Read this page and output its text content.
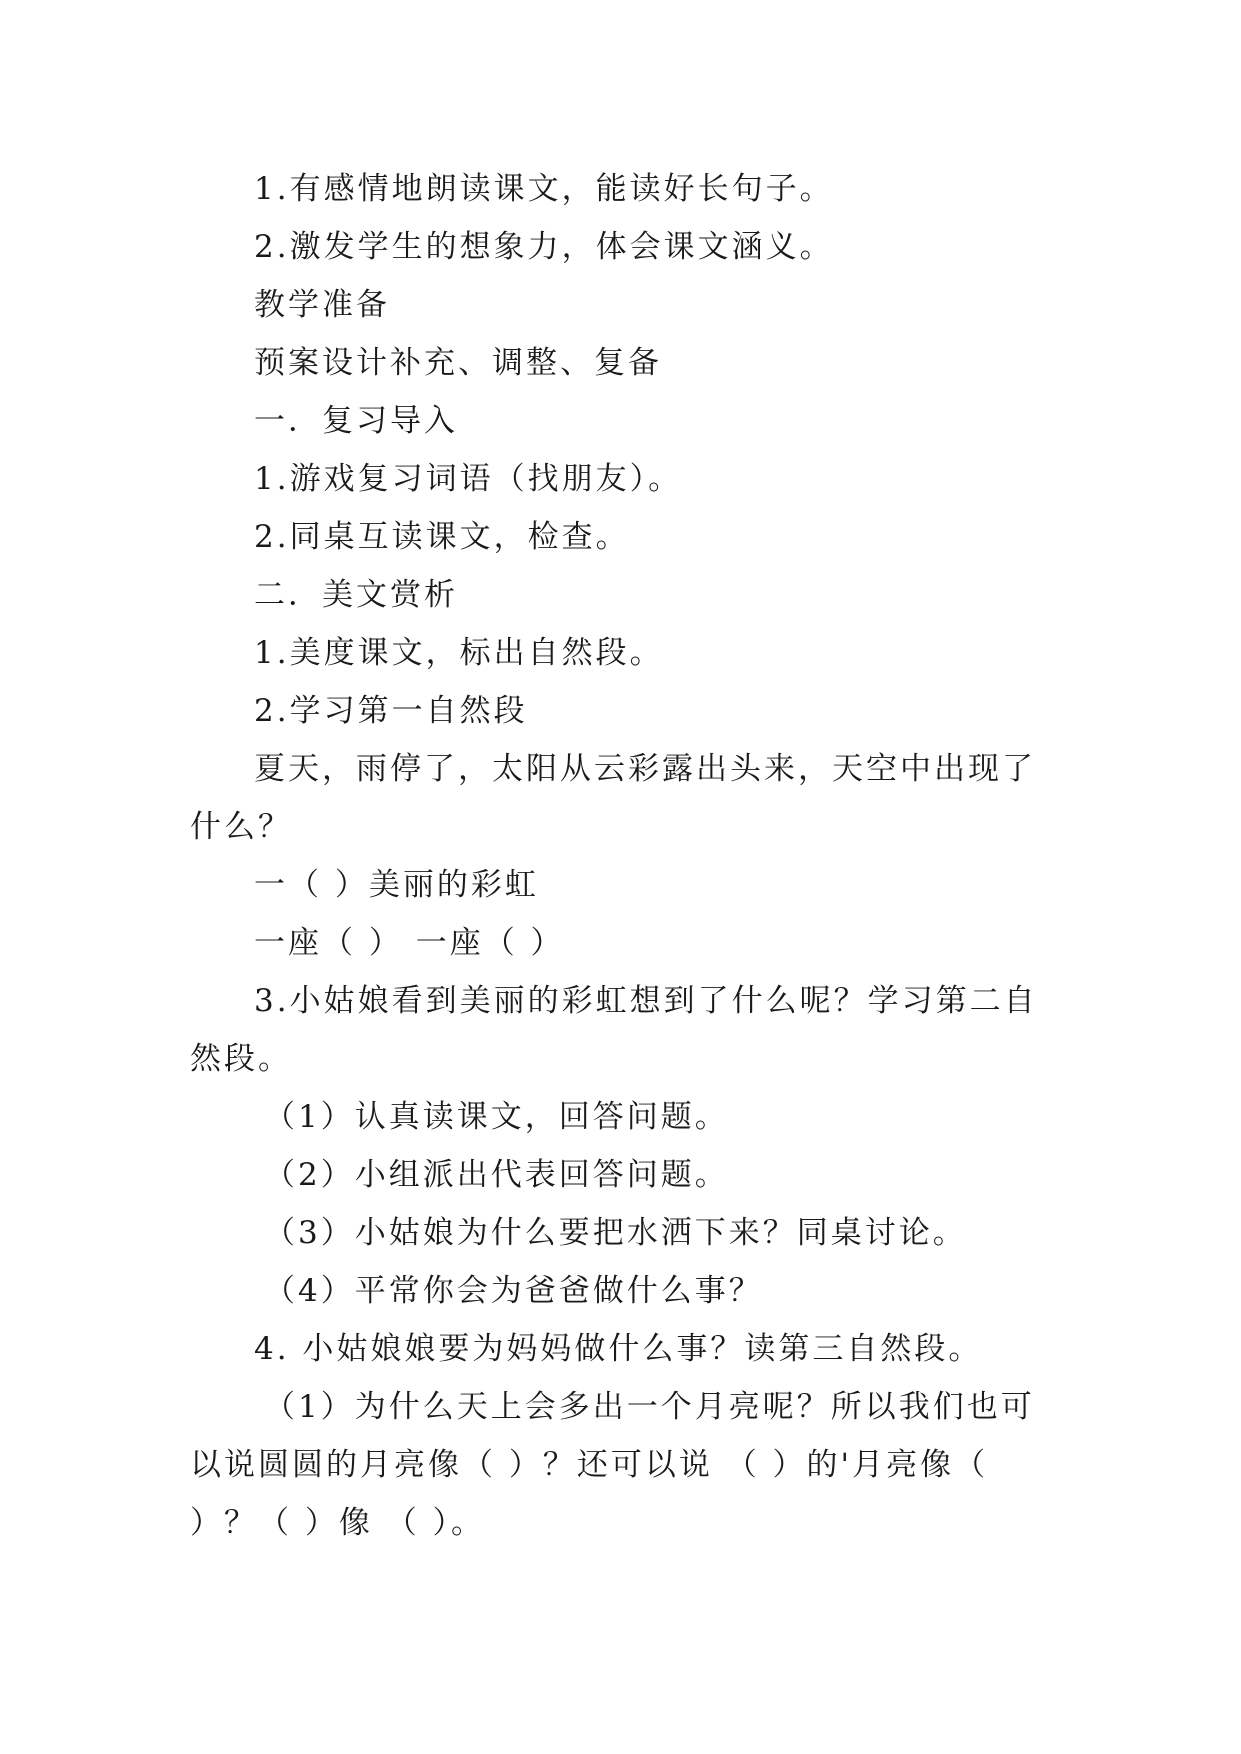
1.有感情地朗读课文，能读好长句子。

2.激发学生的想象力，体会课文涵义。

教学准备

预案设计补充、调整、复备

一．复习导入

1.游戏复习词语（找朋友）。

2.同桌互读课文，检查。

二．美文赏析

1.美度课文，标出自然段。

2.学习第一自然段

夏天，雨停了，太阳从云彩露出头来，天空中出现了什么？

一（ ）美丽的彩虹

一座（ ） 一座（ ）

3.小姑娘看到美丽的彩虹想到了什么呢？学习第二自然段。

（1）认真读课文，回答问题。

（2）小组派出代表回答问题。

（3）小姑娘为什么要把水洒下来？同桌讨论。

（4）平常你会为爸爸做什么事？

4. 小姑娘娘要为妈妈做什么事？读第三自然段。

（1）为什么天上会多出一个月亮呢？所以我们也可以说圆圆的月亮像（ ）？还可以说 （ ）的'月亮像（ ）？（ ）像 （ ）。
